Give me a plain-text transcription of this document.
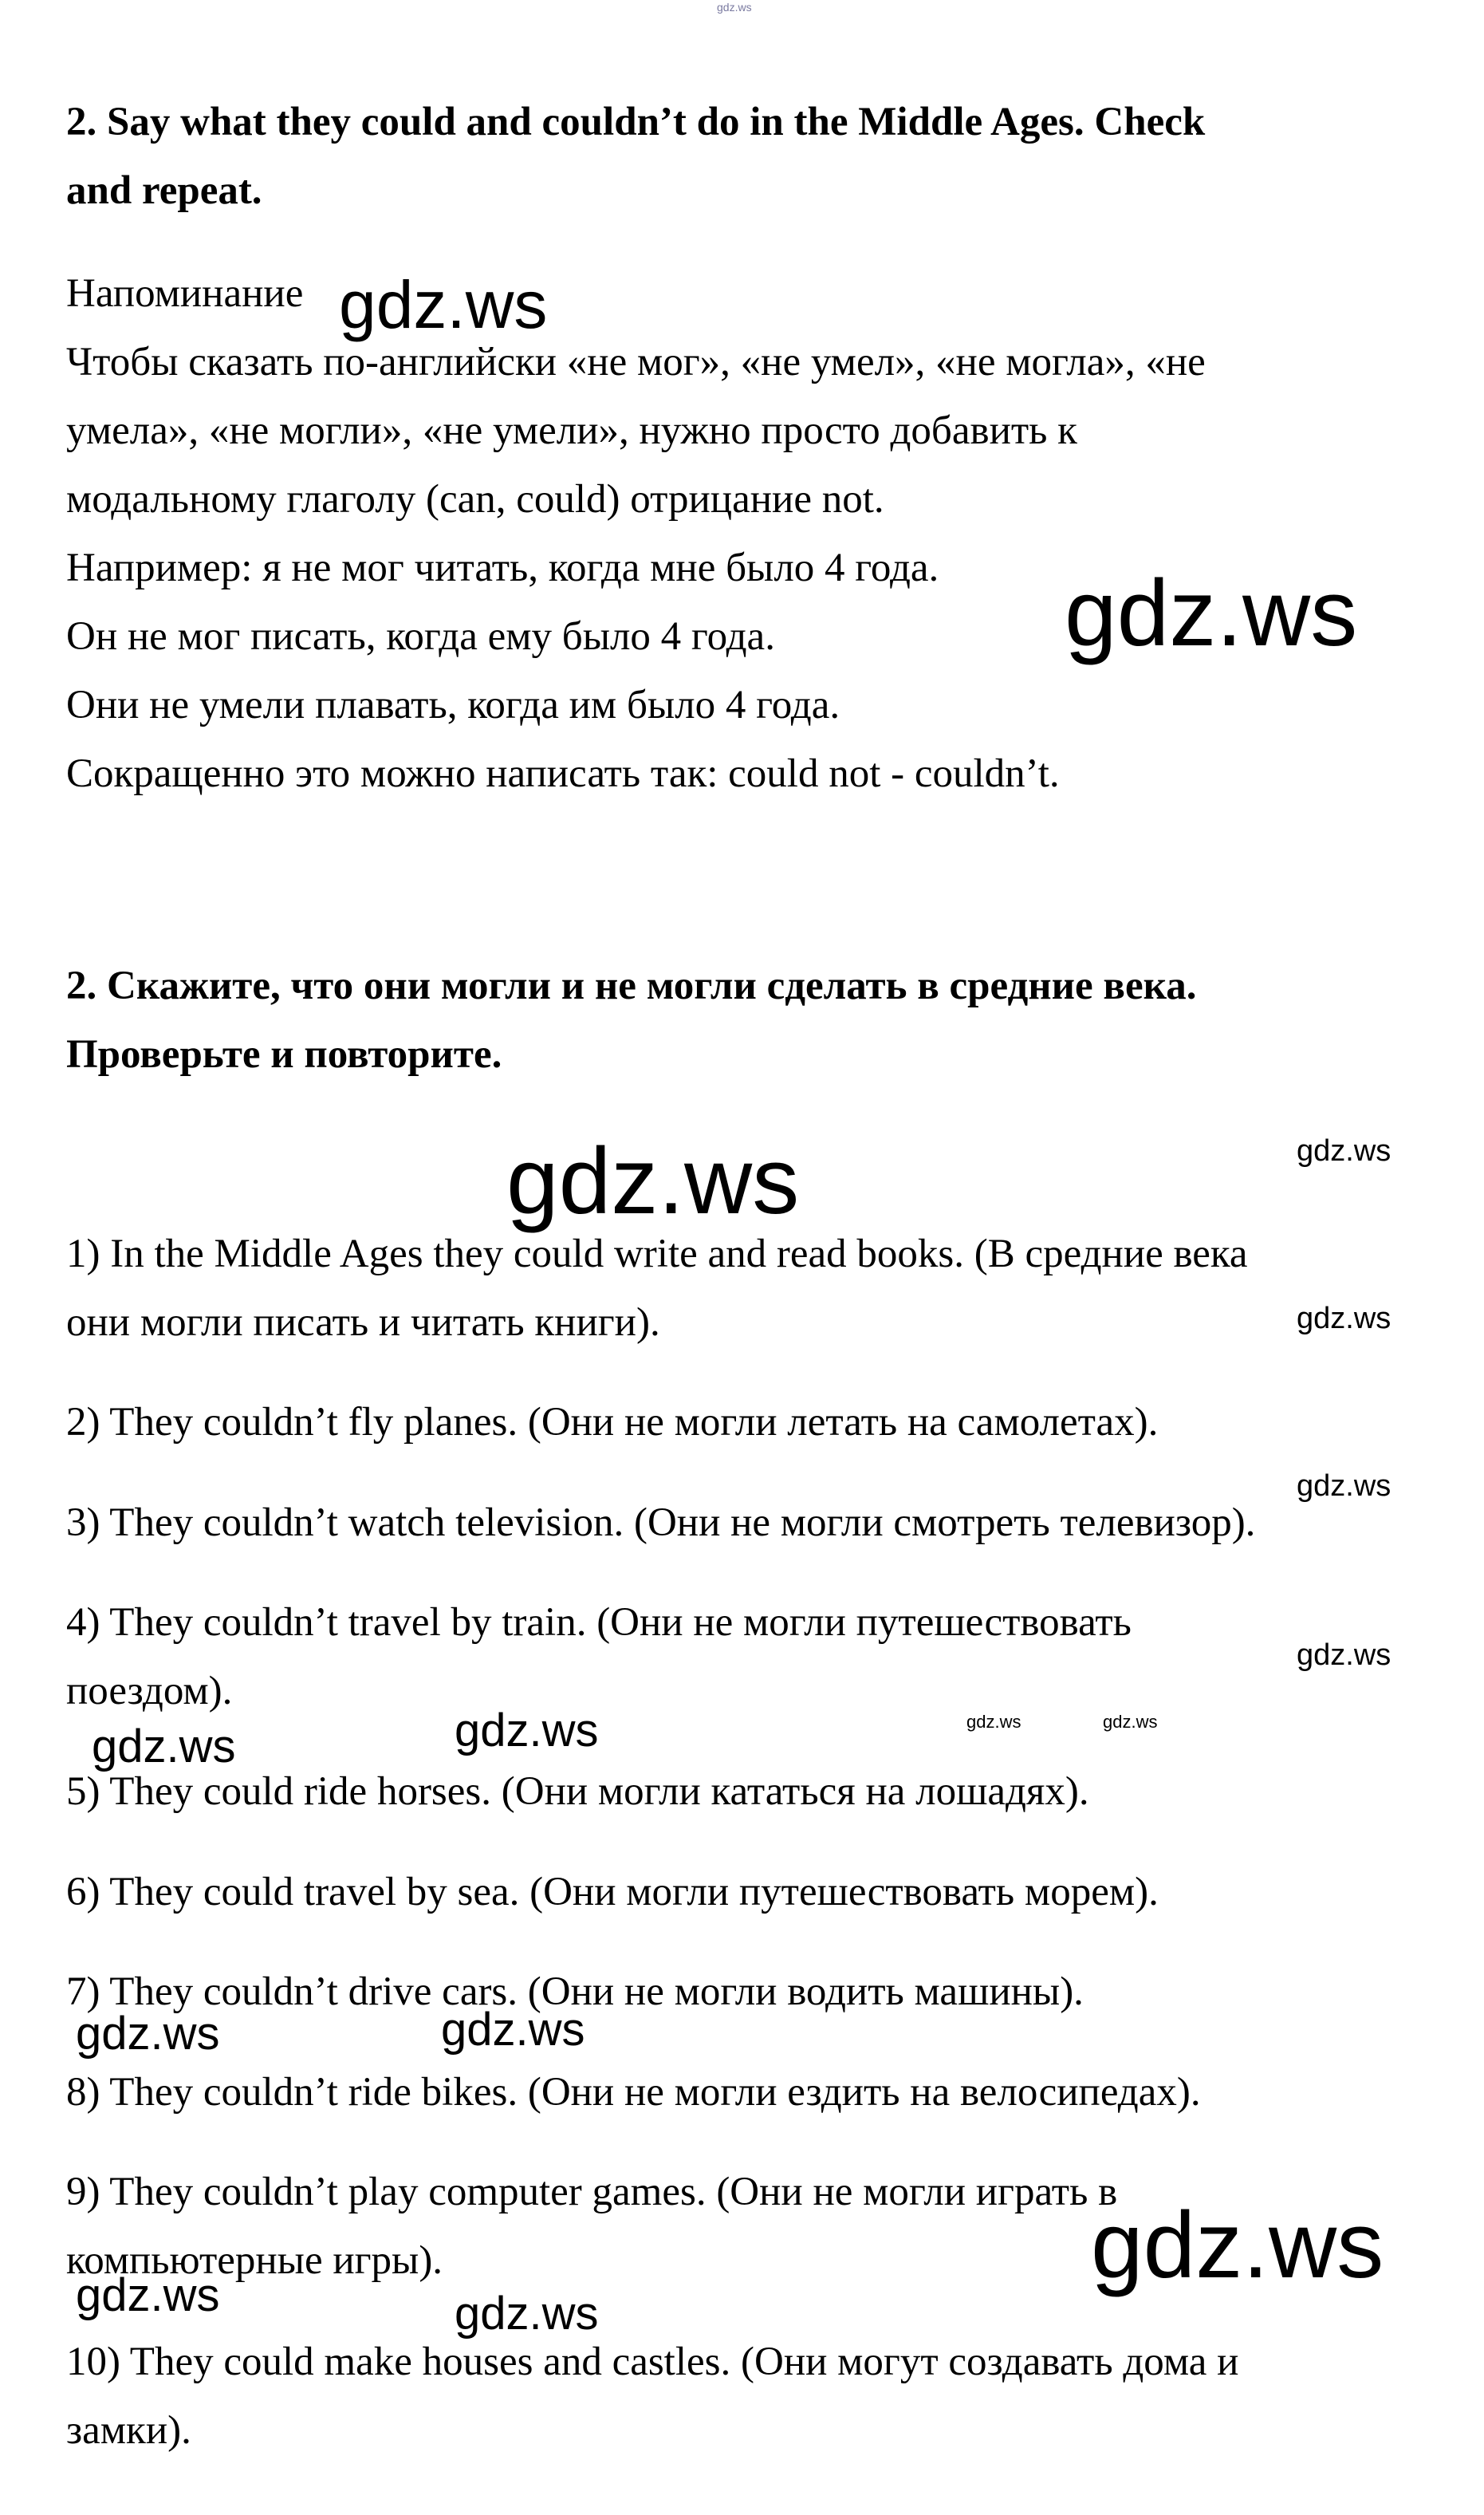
gdz.ws

2. Say what they could and couldn’t do in the Middle Ages. Check

and repeat.

Напоминание gdz.ws

Чтобы сказать по-английски «не мог», «не умел», «не могла», «не

умела», «не могли», «не умели», нужно просто добавить к

модальному глаголу (can, could) отрицание not.

Например: я не мог читать, когда мне было 4 года.

Он не мог писать, когда ему было 4 года.

Они не умели плавать, когда им было 4 года.

Сокращенно это можно написать так: could not - couldn’t.

gdz.ws

2. Скажите, что они могли и не могли сделать в средние века.

Проверьте и повторите.

gdz.ws	gdz.ws

1) In the Middle Ages they could write and read books. (В средние века

они могли писать и читать книги).	gdz.ws

2) They couldn’t fly planes. (Они не могли летать на самолетах).

gdz.ws

3) They couldn’t watch television. (Они не могли смотреть телевизор).

4) They couldn’t travel by train. (Они не могли путешествовать

поездом).

gdz.ws
gdz.ws	gdz.ws
gdz.ws
gdz.ws

5) They could ride horses. (Они могли кататься на лошадях).

6) They could travel by sea. (Они могли путешествовать морем).

7) They couldn’t drive cars. (Они не могли водить машины).

gdz.ws	gdz.ws

8) They couldn’t ride bikes. (Они не могли ездить на велосипедах).

9) They couldn’t play computer games. (Они не могли играть в

компьютерные игры).	gdz.ws
gdz.ws	gdz.ws

10) They could make houses and castles. (Они могут создавать дома и

замки).
